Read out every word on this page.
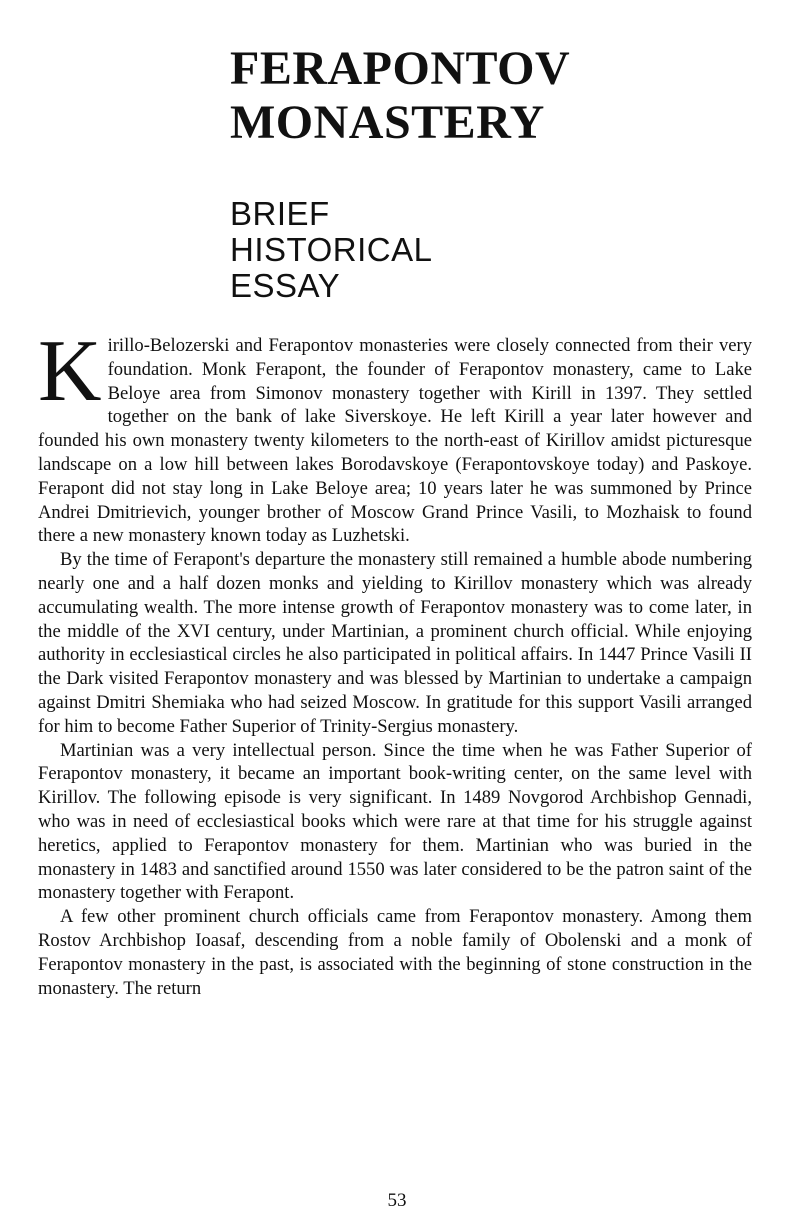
FERAPONTOV
MONASTERY
BRIEF
HISTORICAL
ESSAY

K irillo-Belozerski and Ferapontov monasteries were closely connected from their very foundation. Monk Ferapont, the founder of Ferapontov monastery, came to Lake Beloye area from Simonov monastery together with Kirill in 1397. They settled together on the bank of lake Siverskoye. He left Kirill a year later however and founded his own monastery twenty kilometers to the north-east of Kirillov amidst picturesque landscape on a low hill between lakes Borodavskoye (Ferapontovskoye today) and Paskoye. Ferapont did not stay long in Lake Beloye area; 10 years later he was summoned by Prince Andrei Dmitrievich, younger brother of Moscow Grand Prince Vasili, to Mozhaisk to found there a new monastery known today as Luzhetski.

By the time of Ferapont's departure the monastery still remained a humble abode numbering nearly one and a half dozen monks and yielding to Kirillov monastery which was already accumulating wealth. The more intense growth of Ferapontov monastery was to come later, in the middle of the XVI century, under Martinian, a prominent church official. While enjoying authority in ecclesiastical circles he also participated in political affairs. In 1447 Prince Vasili II the Dark visited Ferapontov monastery and was blessed by Martinian to undertake a campaign against Dmitri Shemiaka who had seized Moscow. In gratitude for this support Vasili arranged for him to become Father Superior of Trinity-Sergius monastery.

Martinian was a very intellectual person. Since the time when he was Father Superior of Ferapontov monastery, it became an important book-writing center, on the same level with Kirillov. The following episode is very significant. In 1489 Novgorod Archbishop Gennadi, who was in need of ecclesiastical books which were rare at that time for his struggle against heretics, applied to Ferapontov monastery for them. Martinian who was buried in the monastery in 1483 and sanctified around 1550 was later considered to be the patron saint of the monastery together with Ferapont.

A few other prominent church officials came from Ferapontov monastery. Among them Rostov Archbishop Ioasaf, descending from a noble family of Obolenski and a monk of Ferapontov monastery in the past, is associated with the beginning of stone construction in the monastery. The return

53
